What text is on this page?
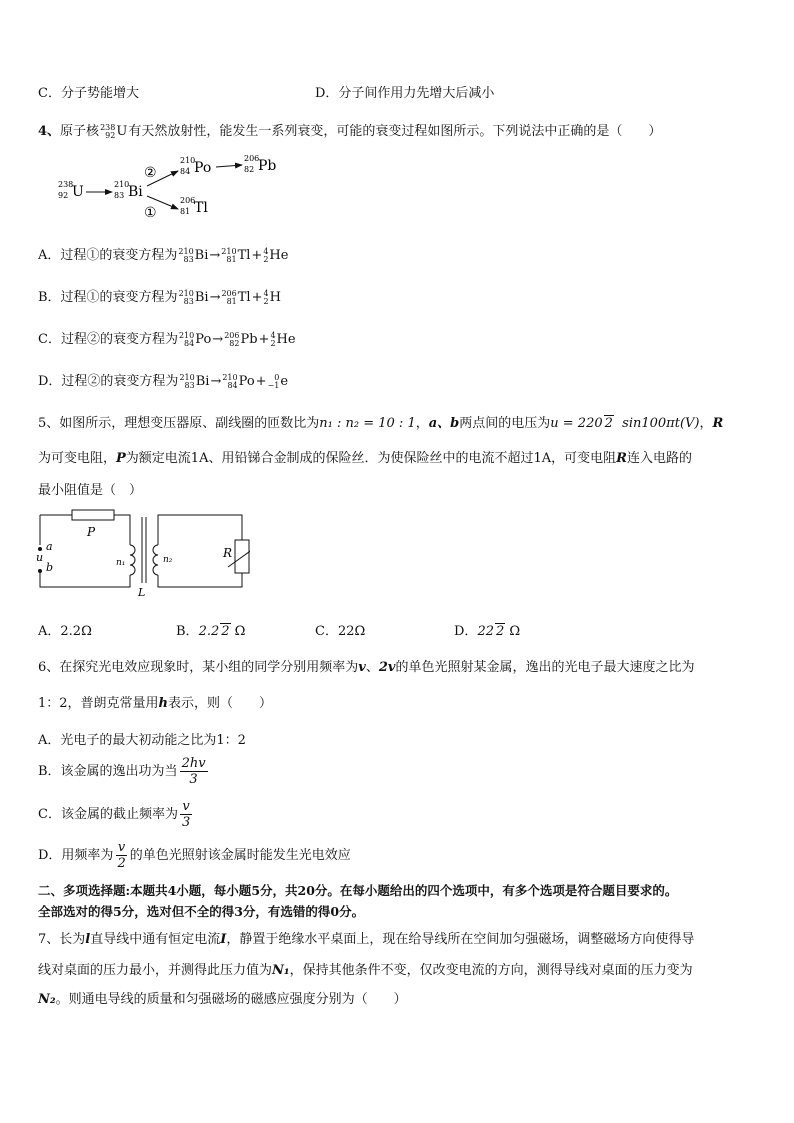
C．分子势能增大	D．分子间作用力先增大后减小
4、原子核 238
92 U 有天然放射性，能发生一系列衰变，可能的衰变过程如图所示。下列说法中正确的是（　　）
238
92 U	210
83 Bi
②
①
210
84 Po
206
82 Pb
206
81 Tl
A．过程①的衰变方程为 210
83 Bi → 210
81 Tl + 4
2 He
B．过程①的衰变方程为 210
83 Bi → 206
81 Tl + 4
2 H
C．过程②的衰变方程为 210
84 Po → 206
82 Pb + 4
2 He
D．过程②的衰变方程为 210
83 Bi → 210
84 Po + 0
−1 e
5、如图所示，理想变压器原、副线圈的匝数比为n₁ : n₂ = 10 : 1，a、b两点间的电压为u = 220 2 sin100πt(V)，R
为可变电阻，P为额定电流1A、用铅锑合金制成的保险丝．为使保险丝中的电流不超过1A，可变电阻R连入电路的
最小阻值是（　）
P
a
u
b	n₁	n₂
L
R
A．2.2Ω	B．2.2 2 Ω	C．22Ω	D．22 2 Ω
6、在探究光电效应现象时，某小组的同学分别用频率为v、2v的单色光照射某金属，逸出的光电子最大速度之比为
1：2，普朗克常量用h表示，则（　　）
A．光电子的最大初动能之比为1：2
B．该金属的逸出功为当 $\frac{2hv}{3}$
C．该金属的截止频率为 $\frac{v}{3}$
D．用频率为 $\frac{v}{2}$ 的单色光照射该金属时能发生光电效应
二、多项选择题:本题共4小题，每小题5分，共20分。在每小题给出的四个选项中，有多个选项是符合题目要求的。
全部选对的得5分，选对但不全的得3分，有选错的得0分。
7、长为l直导线中通有恒定电流I，静置于绝缘水平桌面上，现在给导线所在空间加匀强磁场，调整磁场方向使得导
线对桌面的压力最小，并测得此压力值为N₁，保持其他条件不变，仅改变电流的方向，测得导线对桌面的压力变为
N₂。则通电导线的质量和匀强磁场的磁感应强度分别为（　　）
